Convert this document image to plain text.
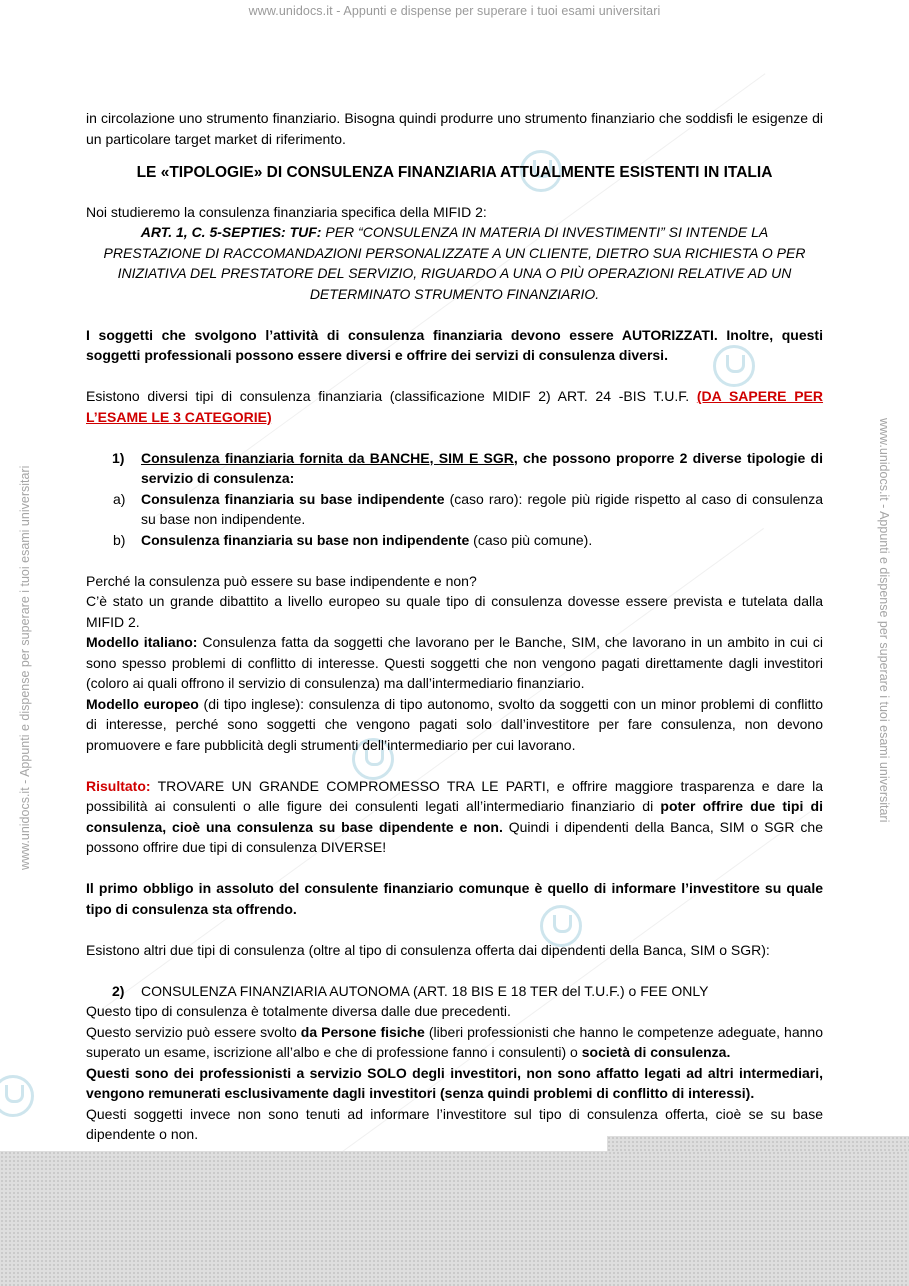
www.unidocs.it - Appunti e dispense per superare i tuoi esami universitari
www.unidocs.it - Appunti e dispense per superare i tuoi esami universitari	www.unidocs.it - Appunti e dispense per superare i tuoi esami universitari

in circolazione uno strumento finanziario. Bisogna quindi produrre uno strumento finanziario che soddisfi le esigenze di un particolare target market di riferimento.

LE «TIPOLOGIE» DI CONSULENZA FINANZIARIA ATTUALMENTE ESISTENTI IN ITALIA

Noi studieremo la consulenza finanziaria specifica della MIFID 2:

ART. 1, C. 5-SEPTIES: TUF: PER “CONSULENZA IN MATERIA DI INVESTIMENTI” SI INTENDE LA PRESTAZIONE DI RACCOMANDAZIONI PERSONALIZZATE A UN CLIENTE, DIETRO SUA RICHIESTA O PER INIZIATIVA DEL PRESTATORE DEL SERVIZIO, RIGUARDO A UNA O PIÙ OPERAZIONI RELATIVE AD UN DETERMINATO STRUMENTO FINANZIARIO.

I soggetti che svolgono l’attività di consulenza finanziaria devono essere AUTORIZZATI. Inoltre, questi soggetti professionali possono essere diversi e offrire dei servizi di consulenza diversi.

Esistono diversi tipi di consulenza finanziaria (classificazione MIDIF 2) ART. 24 -BIS T.U.F. (DA SAPERE PER L’ESAME LE 3 CATEGORIE)

1) Consulenza finanziaria fornita da BANCHE, SIM E SGR, che possono proporre 2 diverse tipologie di servizio di consulenza:

a) Consulenza finanziaria su base indipendente (caso raro): regole più rigide rispetto al caso di consulenza su base non indipendente.

b) Consulenza finanziaria su base non indipendente (caso più comune).

Perché la consulenza può essere su base indipendente e non?

C’è stato un grande dibattito a livello europeo su quale tipo di consulenza dovesse essere prevista e tutelata dalla MIFID 2.

Modello italiano: Consulenza fatta da soggetti che lavorano per le Banche, SIM, che lavorano in un ambito in cui ci sono spesso problemi di conflitto di interesse. Questi soggetti che non vengono pagati direttamente dagli investitori (coloro ai quali offrono il servizio di consulenza) ma dall’intermediario finanziario.

Modello europeo (di tipo inglese): consulenza di tipo autonomo, svolto da soggetti con un minor problemi di conflitto di interesse, perché sono soggetti che vengono pagati solo dall’investitore per fare consulenza, non devono promuovere e fare pubblicità degli strumenti dell’intermediario per cui lavorano.

Risultato: TROVARE UN GRANDE COMPROMESSO TRA LE PARTI, e offrire maggiore trasparenza e dare la possibilità ai consulenti o alle figure dei consulenti legati all’intermediario finanziario di poter offrire due tipi di consulenza, cioè una consulenza su base dipendente e non. Quindi i dipendenti della Banca, SIM o SGR che possono offrire due tipi di consulenza DIVERSE!

Il primo obbligo in assoluto del consulente finanziario comunque è quello di informare l’investitore su quale tipo di consulenza sta offrendo.

Esistono altri due tipi di consulenza (oltre al tipo di consulenza offerta dai dipendenti della Banca, SIM o SGR):

2) CONSULENZA FINANZIARIA AUTONOMA (ART. 18 BIS E 18 TER del T.U.F.) o FEE ONLY

Questo tipo di consulenza è totalmente diversa dalle due precedenti.

Questo servizio può essere svolto da Persone fisiche (liberi professionisti che hanno le competenze adeguate, hanno superato un esame, iscrizione all’albo e che di professione fanno i consulenti) o società di consulenza.

Questi sono dei professionisti a servizio SOLO degli investitori, non sono affatto legati ad altri intermediari, vengono remunerati esclusivamente dagli investitori (senza quindi problemi di conflitto di interessi).

Questi soggetti invece non sono tenuti ad informare l’investitore sul tipo di consulenza offerta, cioè se su base dipendente o non.
